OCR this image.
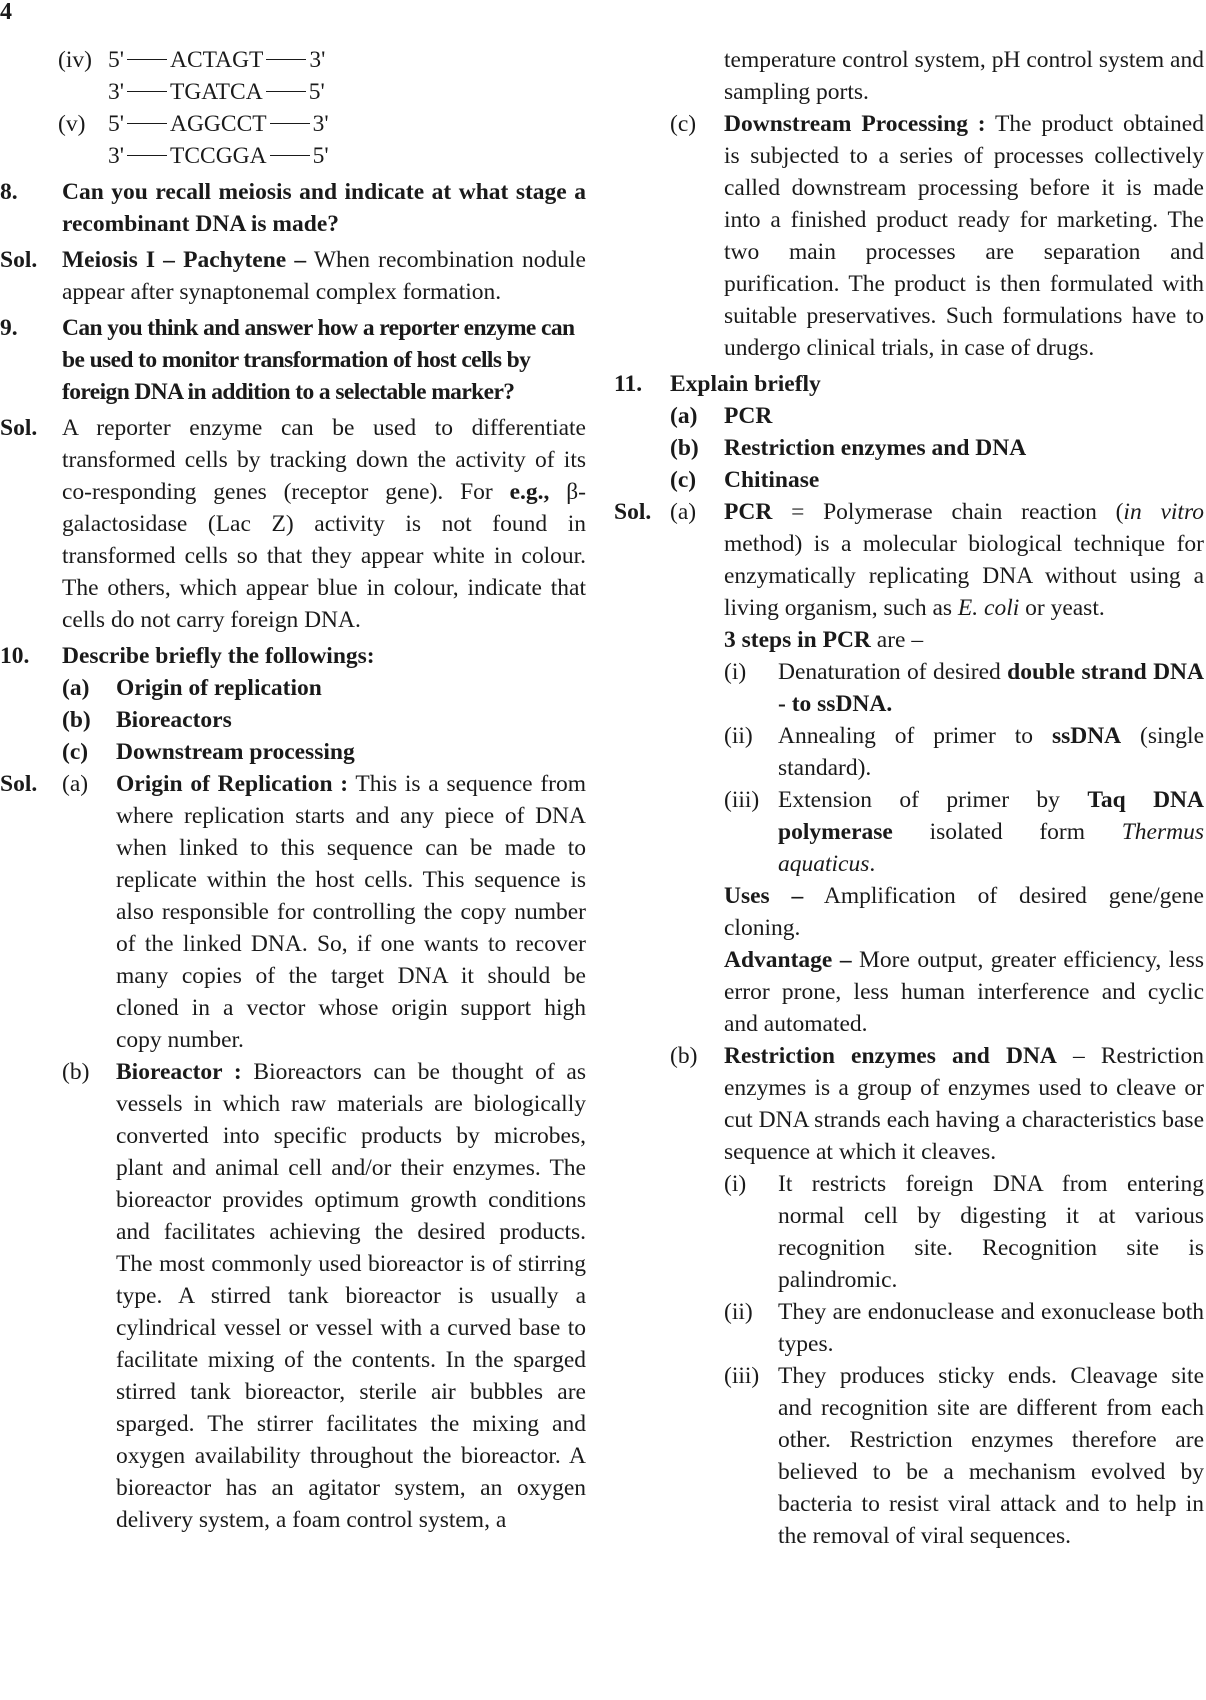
4
(iv) 5' ACTAGT 3'
3' TGATCA 5'
(v) 5' AGGCCT 3'
3' TCCGGA 5'
8.	Can you recall meiosis and indicate at what stage a recombinant DNA is made?
Sol.	Meiosis I – Pachytene – When recombination nodule appear after synaptonemal complex formation.
9.	Can you think and answer how a reporter enzyme can be used to monitor transformation of host cells by foreign DNA in addition to a selectable marker?
Sol.	A reporter enzyme can be used to differentiate transformed cells by tracking down the activity of its co-responding genes (receptor gene). For e.g., β-galactosidase (Lac Z) activity is not found in transformed cells so that they appear white in colour. The others, which appear blue in colour, indicate that cells do not carry foreign DNA.
10.	Describe briefly the followings:
(a)	Origin of replication
(b)	Bioreactors
(c)	Downstream processing
Sol.	(a)	Origin of Replication : This is a sequence from where replication starts and any piece of DNA when linked to this sequence can be made to replicate within the host cells. This sequence is also responsible for controlling the copy number of the linked DNA. So, if one wants to recover many copies of the target DNA it should be cloned in a vector whose origin support high copy number.
(b)	Bioreactor : Bioreactors can be thought of as vessels in which raw materials are biologically converted into specific products by microbes, plant and animal cell and/or their enzymes. The bioreactor provides optimum growth conditions and facilitates achieving the desired products. The most commonly used bioreactor is of stirring type. A stirred tank bioreactor is usually a cylindrical vessel or vessel with a curved base to facilitate mixing of the contents. In the sparged stirred tank bioreactor, sterile air bubbles are sparged. The stirrer facilitates the mixing and oxygen availability throughout the bioreactor. A bioreactor has an agitator system, an oxygen delivery system, a foam control system, a
temperature control system, pH control system and sampling ports.
(c)	Downstream Processing : The product obtained is subjected to a series of processes collectively called downstream processing before it is made into a finished product ready for marketing. The two main processes are separation and purification. The product is then formulated with suitable preservatives. Such formulations have to undergo clinical trials, in case of drugs.
11.	Explain briefly
(a)	PCR
(b)	Restriction enzymes and DNA
(c)	Chitinase
Sol. (a)	PCR = Polymerase chain reaction (in vitro method) is a molecular biological technique for enzymatically replicating DNA without using a living organism, such as E. coli or yeast.
3 steps in PCR are –
(i)	Denaturation of desired double strand DNA - to ssDNA.
(ii)	Annealing of primer to ssDNA (single standard).
(iii) Extension of primer by Taq DNA polymerase isolated form Thermus aquaticus.
Uses – Amplification of desired gene/gene cloning.
Advantage – More output, greater efficiency, less error prone, less human interference and cyclic and automated.
(b)	Restriction enzymes and DNA – Restriction enzymes is a group of enzymes used to cleave or cut DNA strands each having a characteristics base sequence at which it cleaves.
(i)	It restricts foreign DNA from entering normal cell by digesting it at various recognition site. Recognition site is palindromic.
(ii)	They are endonuclease and exonuclease both types.
(iii) They produces sticky ends. Cleavage site and recognition site are different from each other. Restriction enzymes therefore are believed to be a mechanism evolved by bacteria to resist viral attack and to help in the removal of viral sequences.
